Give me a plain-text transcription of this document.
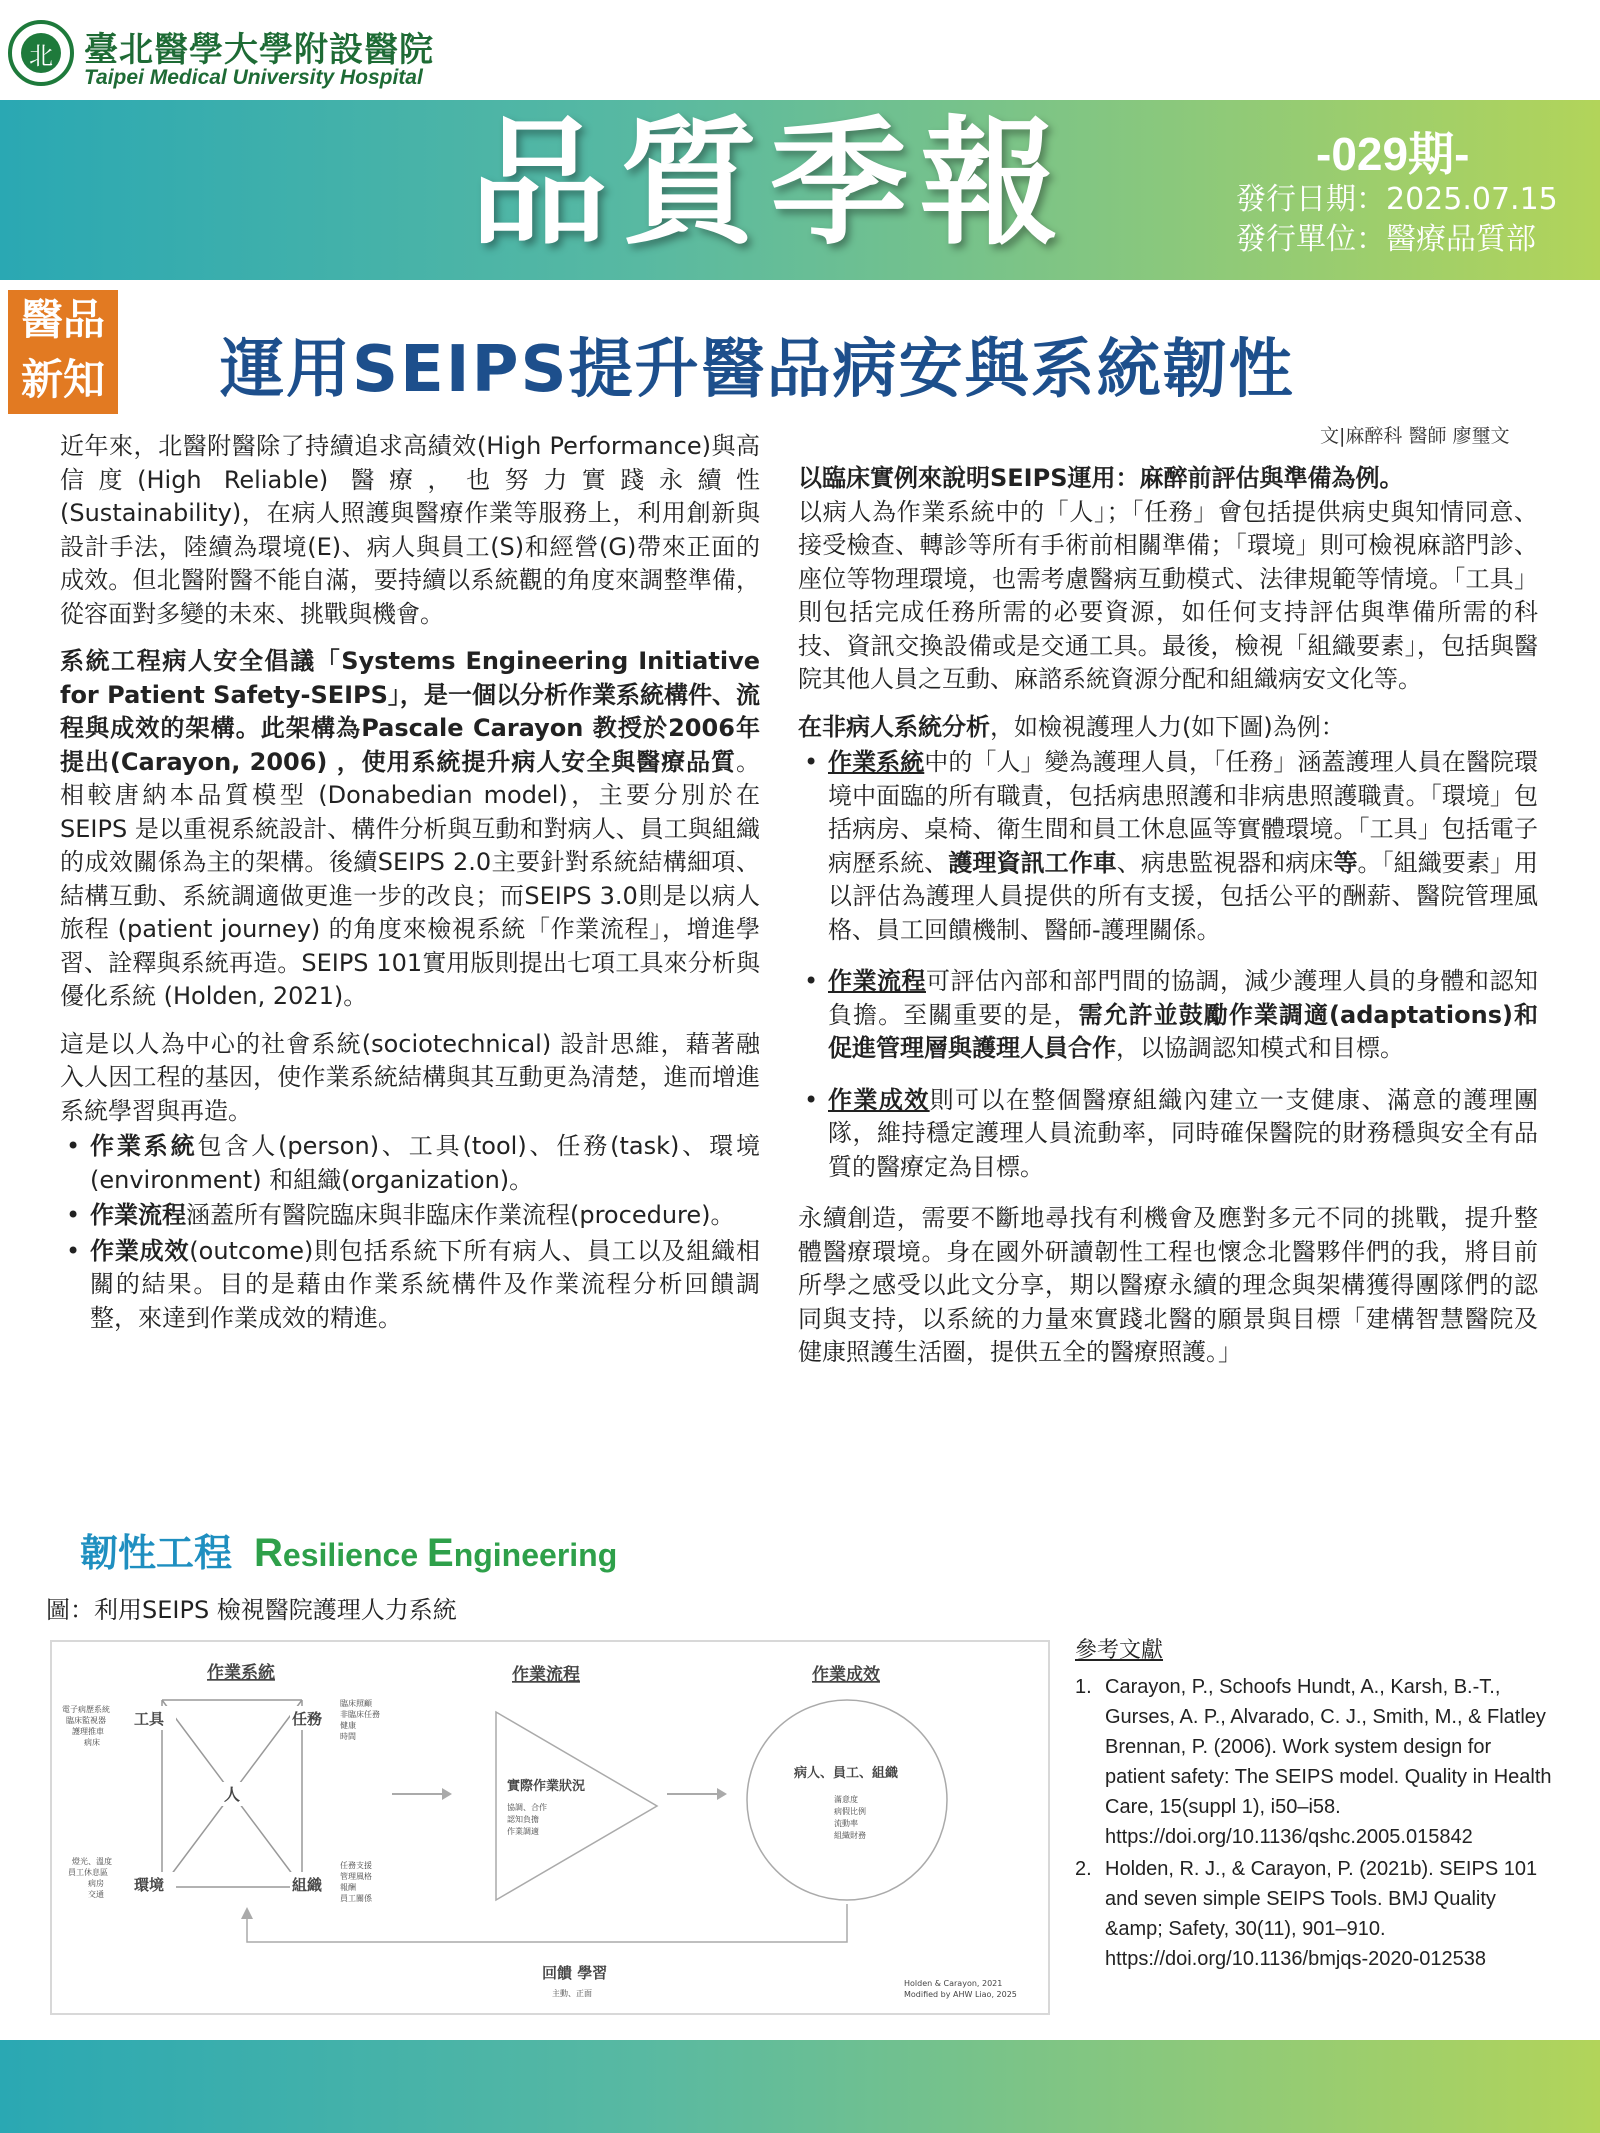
北 臺北醫學大學附設醫院
Taipei Medical University Hospital
品質季報	-029期-
發行日期：2025.07.15
發行單位：醫療品質部
醫品
新知 運用SEIPS提升醫品病安與系統韌性
文|麻醉科 醫師 廖璽文

近年來，北醫附醫除了持續追求高績效(High Performance)與高信度(High Reliable) 醫療，也努力實踐永續性 (Sustainability)，在病人照護與醫療作業等服務上，利用創新與設計手法，陸續為環境(E)、病人與員工(S)和經營(G)帶來正面的成效。但北醫附醫不能自滿，要持續以系統觀的角度來調整準備，從容面對多變的未來、挑戰與機會。

系統工程病人安全倡議「Systems Engineering Initiative for Patient Safety-SEIPS」，是一個以分析作業系統構件、流程與成效的架構。此架構為Pascale Carayon 教授於2006年提出(Carayon, 2006) ，使用系統提升病人安全與醫療品質。相較唐納本品質模型 (Donabedian model)，主要分別於在SEIPS 是以重視系統設計、構件分析與互動和對病人、員工與組織的成效關係為主的架構。後續SEIPS 2.0主要針對系統結構細項、結構互動、系統調適做更進一步的改良；而SEIPS 3.0則是以病人旅程 (patient journey) 的角度來檢視系統「作業流程」，增進學習、詮釋與系統再造。SEIPS 101實用版則提出七項工具來分析與優化系統 (Holden, 2021)。

這是以人為中心的社會系統(sociotechnical) 設計思維，藉著融入人因工程的基因，使作業系統結構與其互動更為清楚，進而增進系統學習與再造。

• 作業系統包含人(person)、工具(tool)、任務(task)、環境(environment) 和組織(organization)。
• 作業流程涵蓋所有醫院臨床與非臨床作業流程(procedure)。
• 作業成效(outcome)則包括系統下所有病人、員工以及組織相關的結果。目的是藉由作業系統構件及作業流程分析回饋調整，來達到作業成效的精進。

以臨床實例來說明SEIPS運用：麻醉前評估與準備為例。

以病人為作業系統中的「人」；「任務」會包括提供病史與知情同意、接受檢查、轉診等所有手術前相關準備；「環境」則可檢視麻諮門診、座位等物理環境，也需考慮醫病互動模式、法律規範等情境。「工具」則包括完成任務所需的必要資源，如任何支持評估與準備所需的科技、資訊交換設備或是交通工具。最後，檢視「組織要素」，包括與醫院其他人員之互動、麻諮系統資源分配和組織病安文化等。

在非病人系統分析，如檢視護理人力(如下圖)為例：

• 作業系統中的「人」變為護理人員，「任務」涵蓋護理人員在醫院環境中面臨的所有職責，包括病患照護和非病患照護職責。「環境」包括病房、桌椅、衛生間和員工休息區等實體環境。「工具」包括電子病歷系統、護理資訊工作車、病患監視器和病床等。「組織要素」用以評估為護理人員提供的所有支援，包括公平的酬薪、醫院管理風格、員工回饋機制、醫師-護理關係。
• 作業流程可評估內部和部門間的協調，減少護理人員的身體和認知負擔。至關重要的是，需允許並鼓勵作業調適(adaptations)和促進管理層與護理人員合作，以協調認知模式和目標。
• 作業成效則可以在整個醫療組織內建立一支健康、滿意的護理團隊，維持穩定護理人員流動率，同時確保醫院的財務穩與安全有品質的醫療定為目標。

永續創造，需要不斷地尋找有利機會及應對多元不同的挑戰，提升整體醫療環境。身在國外研讀韌性工程也懷念北醫夥伴們的我，將目前所學之感受以此文分享，期以醫療永續的理念與架構獲得團隊們的認同與支持，以系統的力量來實踐北醫的願景與目標「建構智慧醫院及健康照護生活圈，提供五全的醫療照護。」

韌性工程 Resilience Engineering
圖：利用SEIPS 檢視醫院護理人力系統
作業系統
工具	任務
環境	組織
人
電子病歷系統
臨床監視器
護理推車
病床
臨床照顧
非臨床任務
健康
時間
燈光、溫度
員工休息區
病房
交通
任務支援
管理風格
報酬
員工關係
作業流程
實際作業狀況
協調、合作
認知負擔
作業調適
作業成效
病人、員工、組織
滿意度
病假比例
流動率
組織財務
回饋 學習
主動、正面
Holden & Carayon, 2021
Modified by AHW Liao, 2025
參考文獻
1. Carayon, P., Schoofs Hundt, A., Karsh, B.-T., Gurses, A. P., Alvarado, C. J., Smith, M., & Flatley Brennan, P. (2006). Work system design for patient safety: The SEIPS model. Quality in Health Care, 15(suppl 1), i50–i58. https://doi.org/10.1136/qshc.2005.015842
2. Holden, R. J., & Carayon, P. (2021b). SEIPS 101 and seven simple SEIPS Tools. BMJ Quality &amp; Safety, 30(11), 901–910. https://doi.org/10.1136/bmjqs-2020-012538
